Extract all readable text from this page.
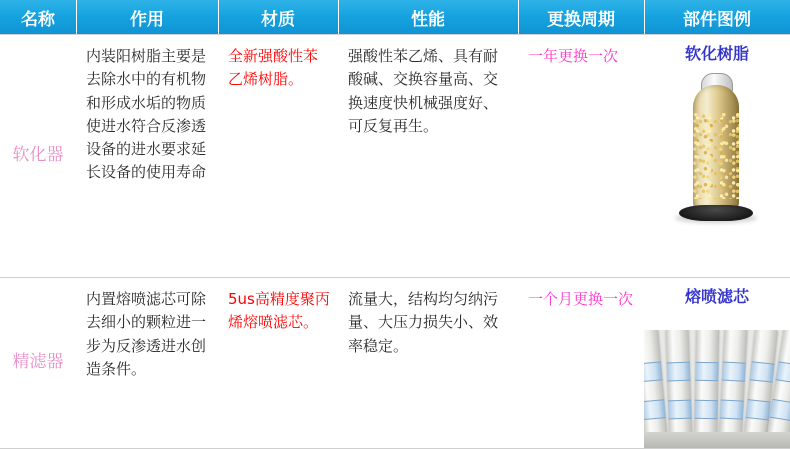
名称	作用	材质	性能	更换周期	部件图例
软化器	内装阳树脂主要是去除水中的有机物和形成水垢的物质使进水符合反渗透设备的进水要求延长设备的使用寿命	全新强酸性苯乙烯树脂。	强酸性苯乙烯、具有耐酸碱、交换容量高、交换速度快机械强度好、可反复再生。	一年更换一次	软化树脂

精滤器	内置熔喷滤芯可除去细小的颗粒进一步为反渗透进水创造条件。	5us高精度聚丙烯熔喷滤芯。	流量大，结构均匀纳污量、大压力损失小、效率稳定。	一个月更换一次	熔喷滤芯
